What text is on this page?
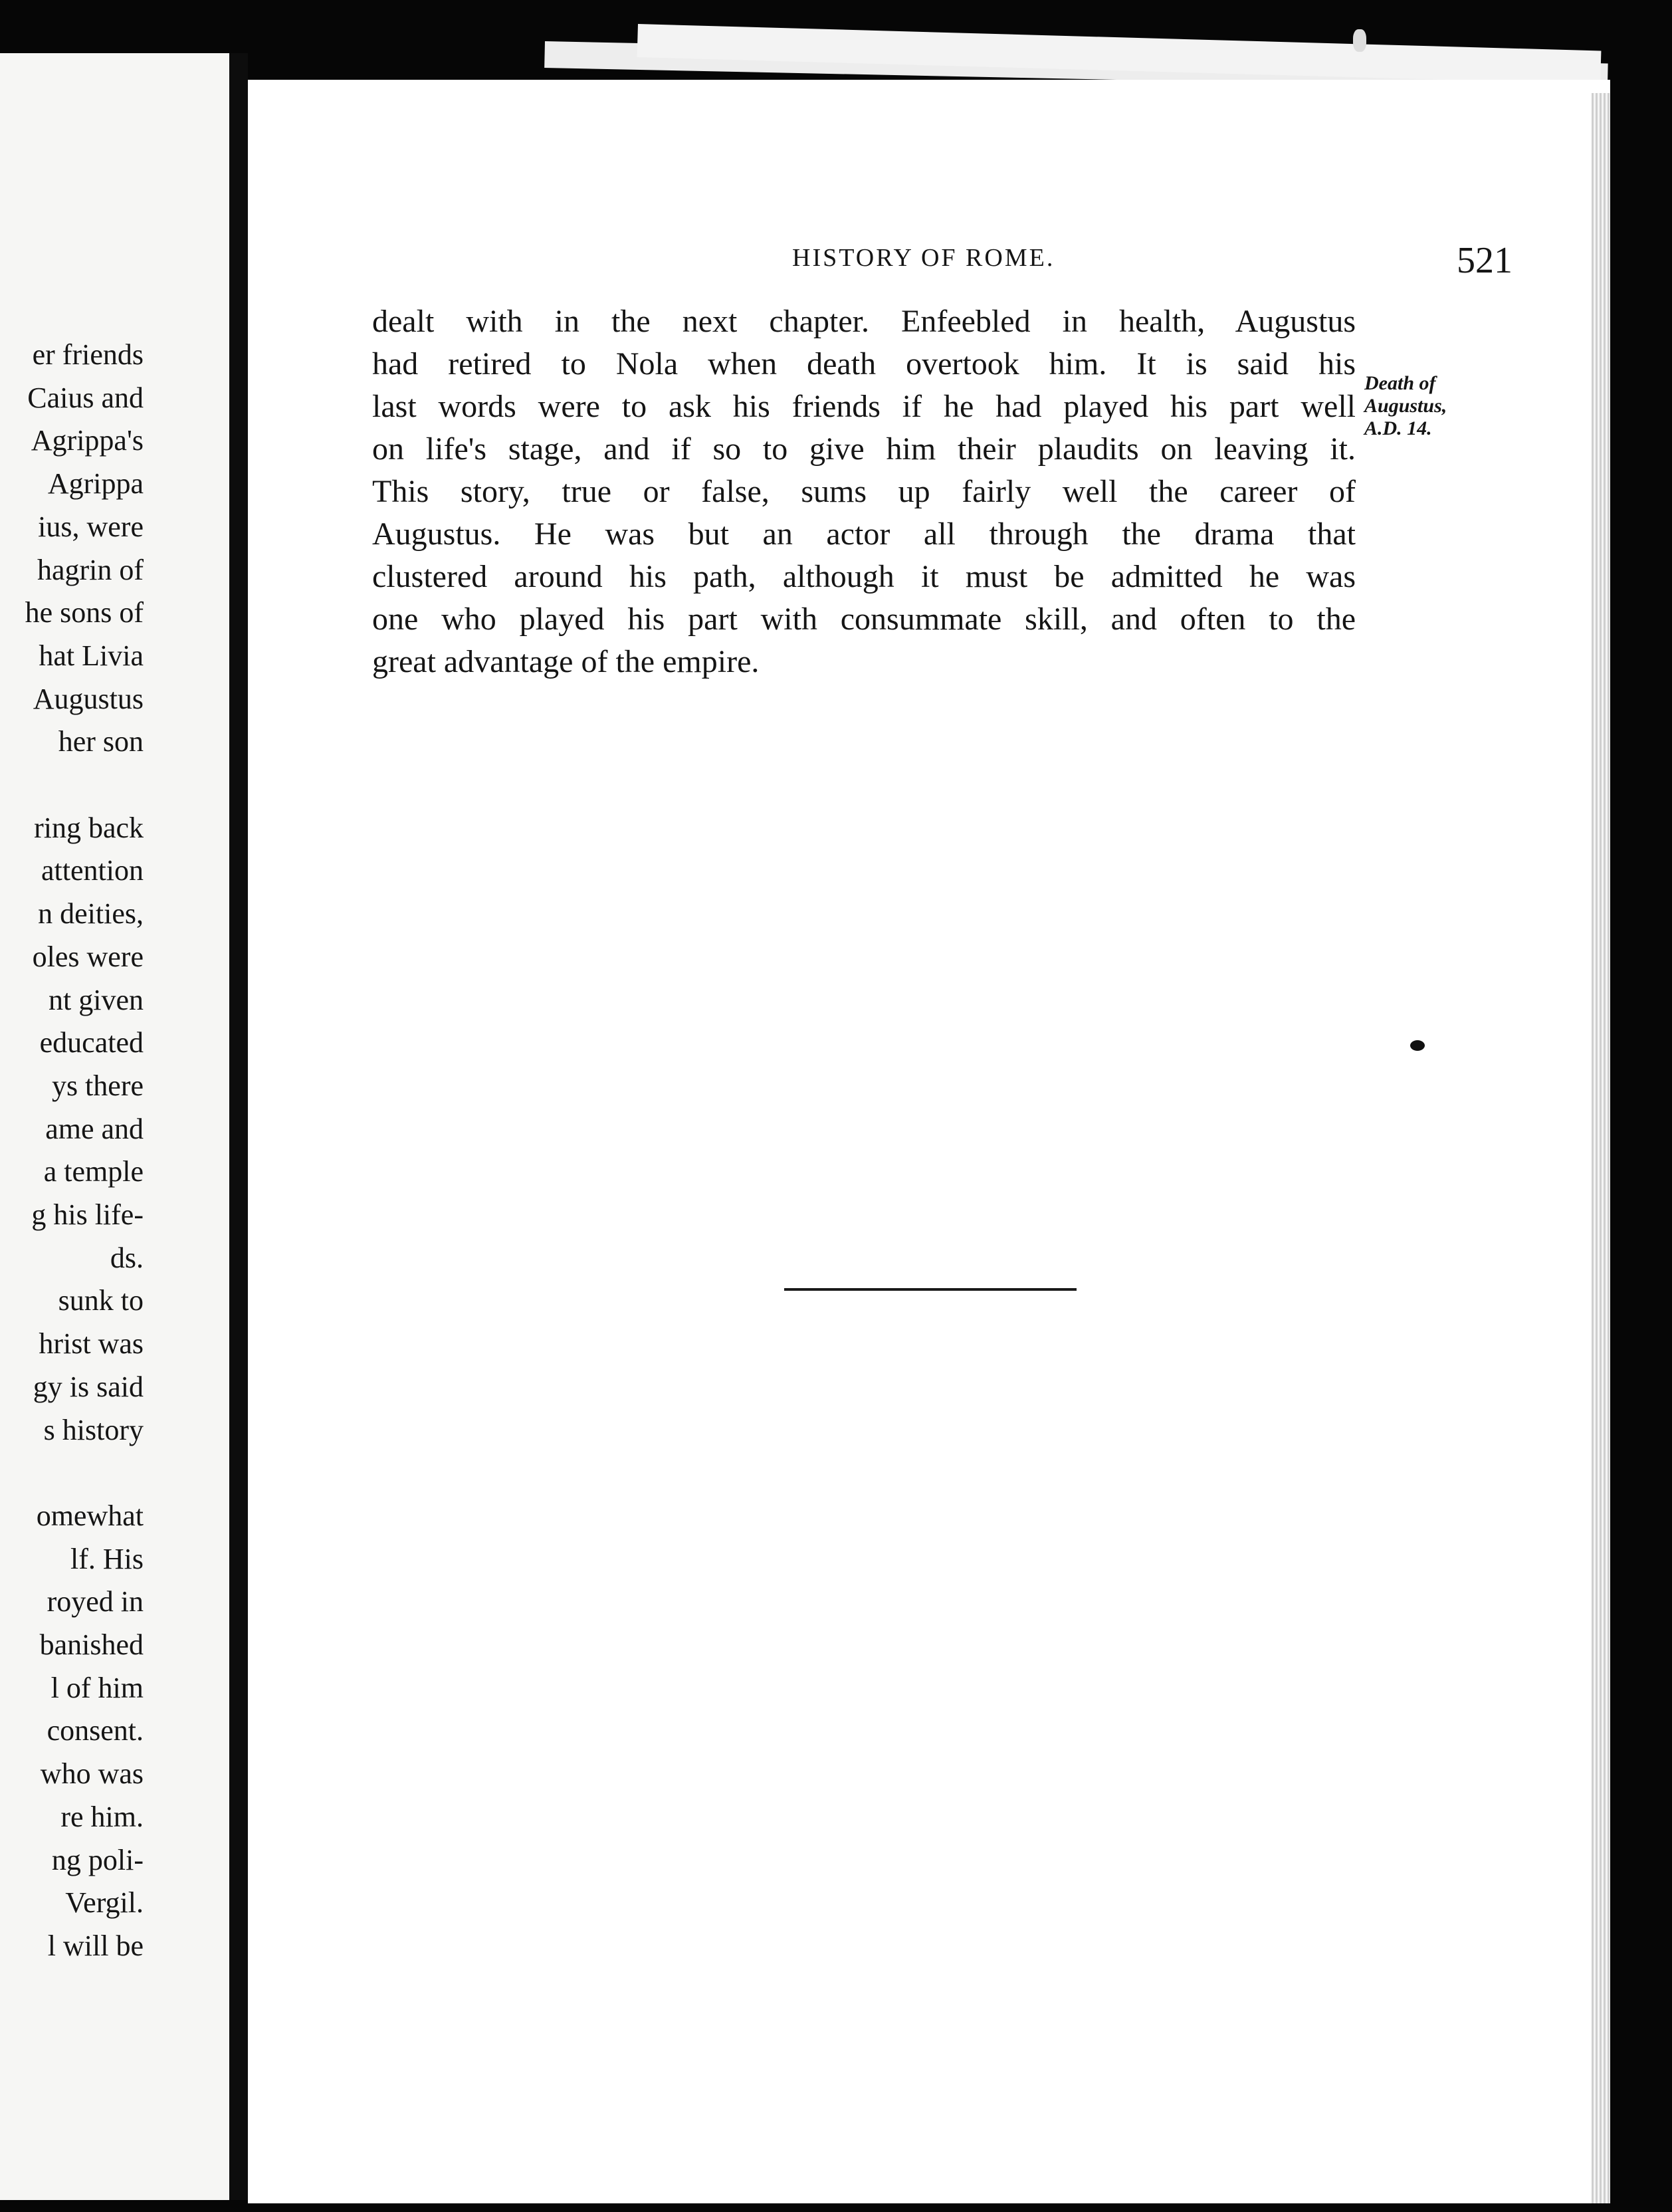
er friends
Caius and
Agrippa's
Agrippa
ius, were
hagrin of
he sons of
hat Livia
Augustus
her son
ring back
attention
n deities,
oles were
nt given
educated
ys there
ame and
a temple
g his life-
ds.
sunk to
hrist was
gy is said
s history
omewhat
lf. His
royed in
banished
l of him
consent.
who was
re him.
ng poli-
Vergil.
l will be
HISTORY OF ROME.	521
dealt with in the next chapter. Enfeebled in health, Augustus
had retired to Nola when death overtook him. It is said his
last words were to ask his friends if he had played his part well
on life's stage, and if so to give him their plaudits on leaving it.
This story, true or false, sums up fairly well the career of
Augustus. He was but an actor all through the drama that
clustered around his path, although it must be admitted he was
one who played his part with consummate skill, and often to the
great advantage of the empire.
Death of
Augustus,
A.D. 14.
